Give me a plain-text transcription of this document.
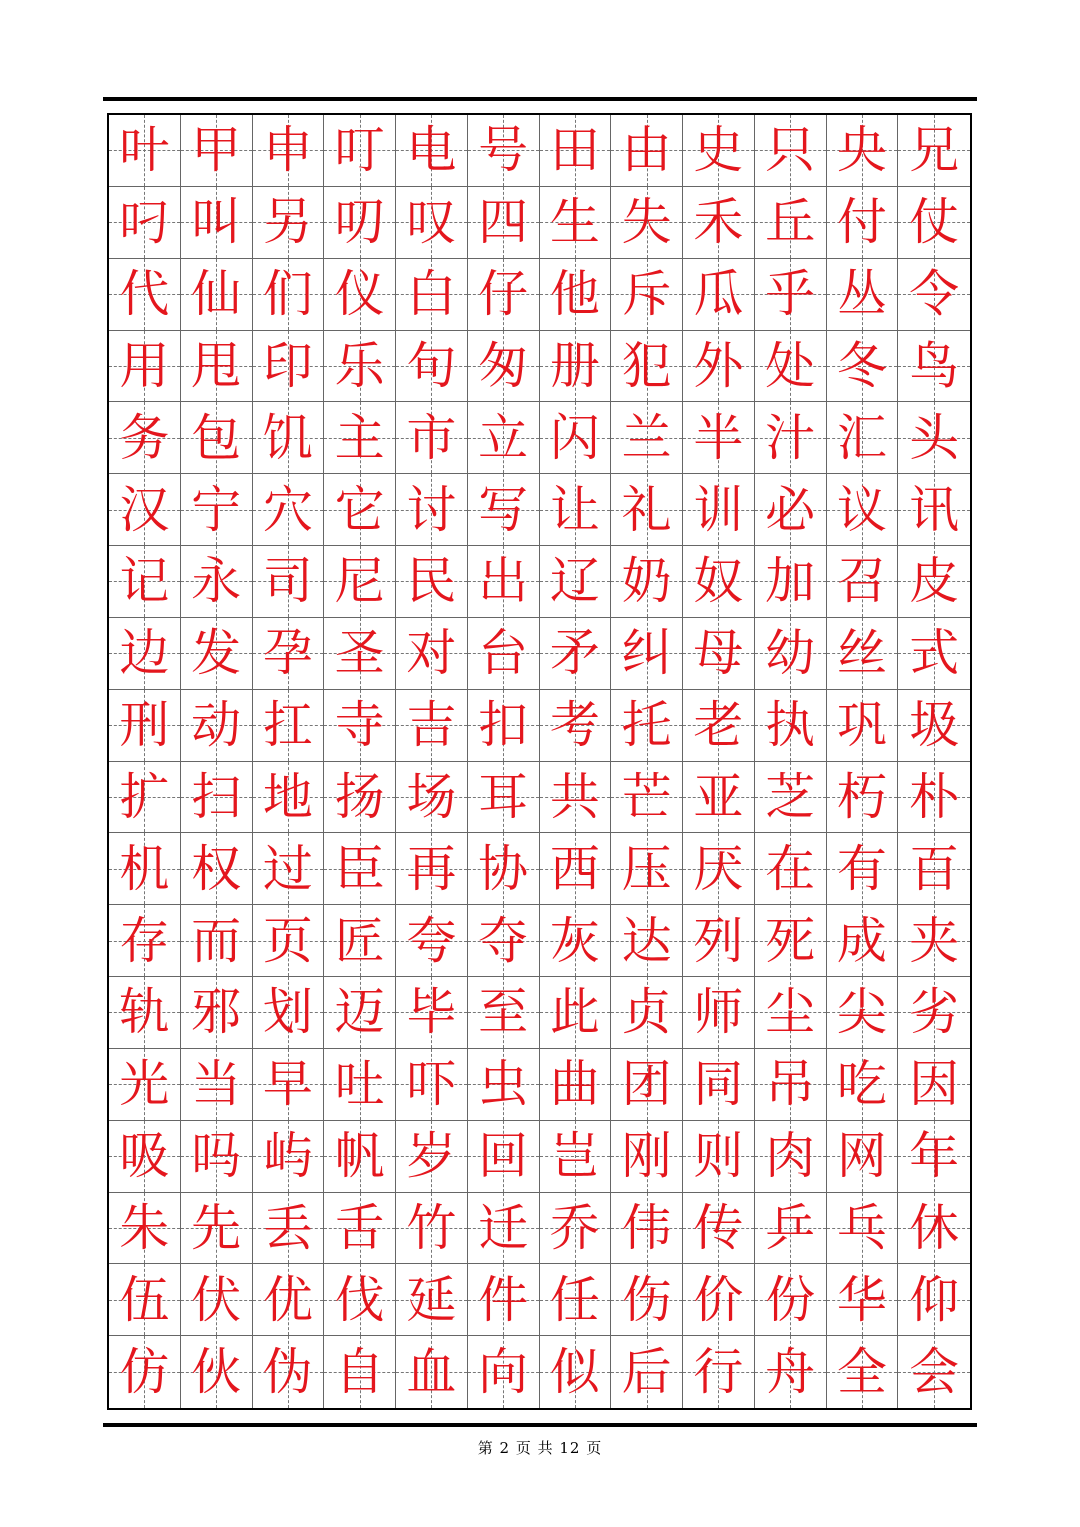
叶 甲 申 叮 电 号 田 由 史 只 央 兄
叼 叫 另 叨 叹 四 生 失 禾 丘 付 仗
代 仙 们 仪 白 仔 他 斥 瓜 乎 丛 令
用 甩 印 乐 句 匆 册 犯 外 处 冬 鸟
务 包 饥 主 市 立 闪 兰 半 汁 汇 头
汉 宁 穴 它 讨 写 让 礼 训 必 议 讯
记 永 司 尼 民 出 辽 奶 奴 加 召 皮
边 发 孕 圣 对 台 矛 纠 母 幼 丝 式
刑 动 扛 寺 吉 扣 考 托 老 执 巩 圾
扩 扫 地 扬 场 耳 共 芒 亚 芝 朽 朴
机 权 过 臣 再 协 西 压 厌 在 有 百
存 而 页 匠 夸 夺 灰 达 列 死 成 夹
轨 邪 划 迈 毕 至 此 贞 师 尘 尖 劣
光 当 早 吐 吓 虫 曲 团 同 吊 吃 因
吸 吗 屿 帆 岁 回 岂 刚 则 肉 网 年
朱 先 丢 舌 竹 迁 乔 伟 传 乒 乓 休
伍 伏 优 伐 延 件 任 伤 价 份 华 仰
仿 伙 伪 自 血 向 似 后 行 舟 全 会
第 2 页 共 12 页
